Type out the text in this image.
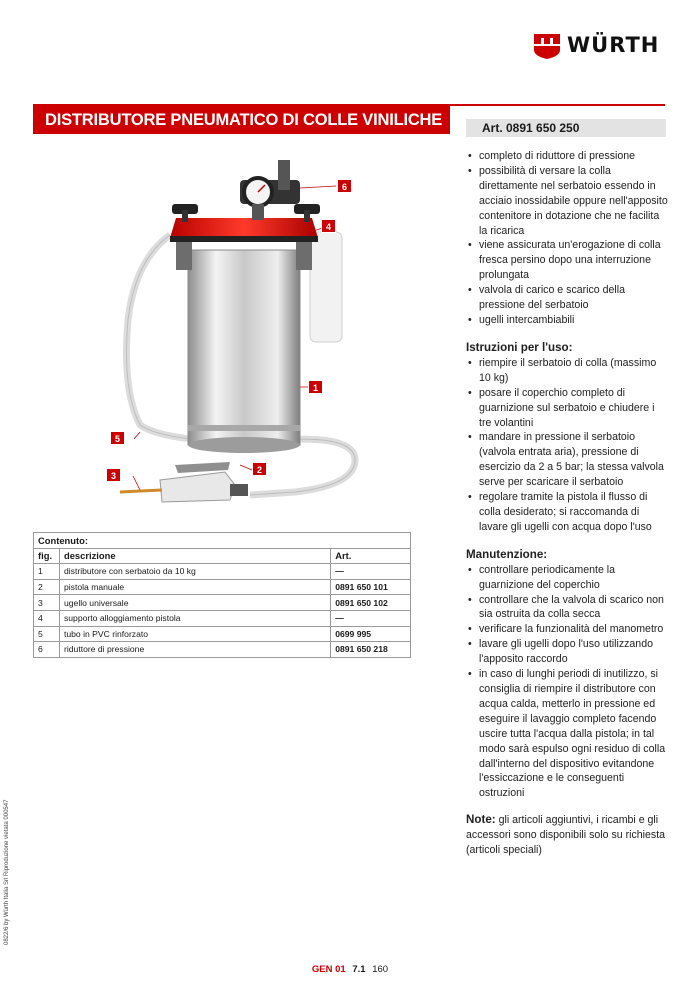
WÜRTH
DISTRIBUTORE PNEUMATICO DI COLLE VINILICHE	Art. 0891 650 250
1
2
3
4
5
6
• completo di riduttore di pressione
• possibilità di versare la colla direttamente nel serbatoio essendo in acciaio inossidabile oppure nell'apposito contenitore in dotazione che ne facilita la ricarica
• viene assicurata un'erogazione di colla fresca persino dopo una interruzione prolungata
• valvola di carico e scarico della pressione del serbatoio
• ugelli intercambiabili
Istruzioni per l'uso:
• riempire il serbatoio di colla (massimo 10 kg)
• posare il coperchio completo di guarnizione sul serbatoio e chiudere i tre volantini
• mandare in pressione il serbatoio (valvola entrata aria), pressione di esercizio da 2 a 5 bar; la stessa valvola serve per scaricare il serbatoio
• regolare tramite la pistola il flusso di colla desiderato; si raccomanda di lavare gli ugelli con acqua dopo l'uso
Manutenzione:
• controllare periodicamente la guarnizione del coperchio
• controllare che la valvola di scarico non sia ostruita da colla secca
• verificare la funzionalità del manometro
• lavare gli ugelli dopo l'uso utilizzando l'apposito raccordo
• in caso di lunghi periodi di inutilizzo, si consiglia di riempire il distributore con acqua calda, metterlo in pressione ed eseguire il lavaggio completo facendo uscire tutta l'acqua dalla pistola; in tal modo sarà espulso ogni residuo di colla dall'interno del dispositivo evitandone l'essiccazione e le conseguenti ostruzioni

Note: gli articoli aggiuntivi, i ricambi e gli accessori sono disponibili solo su richiesta (articoli speciali)

Contenuto:		
fig.	descrizione	Art.
1	distributore con serbatoio da 10 kg	—
2	pistola manuale	0891 650 101
3	ugello universale	0891 650 102
4	supporto alloggiamento pistola	—
5	tubo in PVC rinforzato	0699 995
6	riduttore di pressione	0891 650 218
0822/6 by Würth Italia Srl Riproduzione vietata 000547
GEN 01 7.1 160
